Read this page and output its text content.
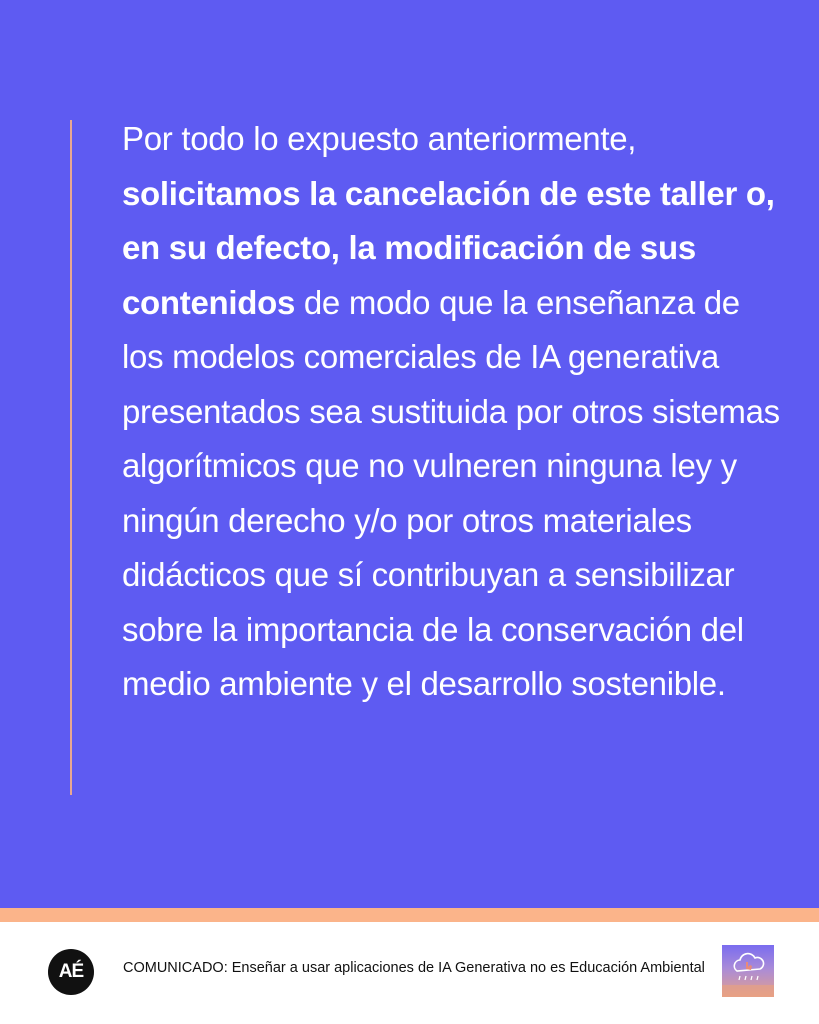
Por todo lo expuesto anteriormente, solicitamos la cancelación de este taller o, en su defecto, la modificación de sus contenidos de modo que la enseñanza de los modelos comerciales de IA generativa presentados sea sustituida por otros sistemas algorítmicos que no vulneren ninguna ley y ningún derecho y/o por otros materiales didácticos que sí contribuyan a sensibilizar sobre la importancia de la conservación del medio ambiente y el desarrollo sostenible.
AÉ	COMUNICADO: Enseñar a usar aplicaciones de IA Generativa no es Educación Ambiental
